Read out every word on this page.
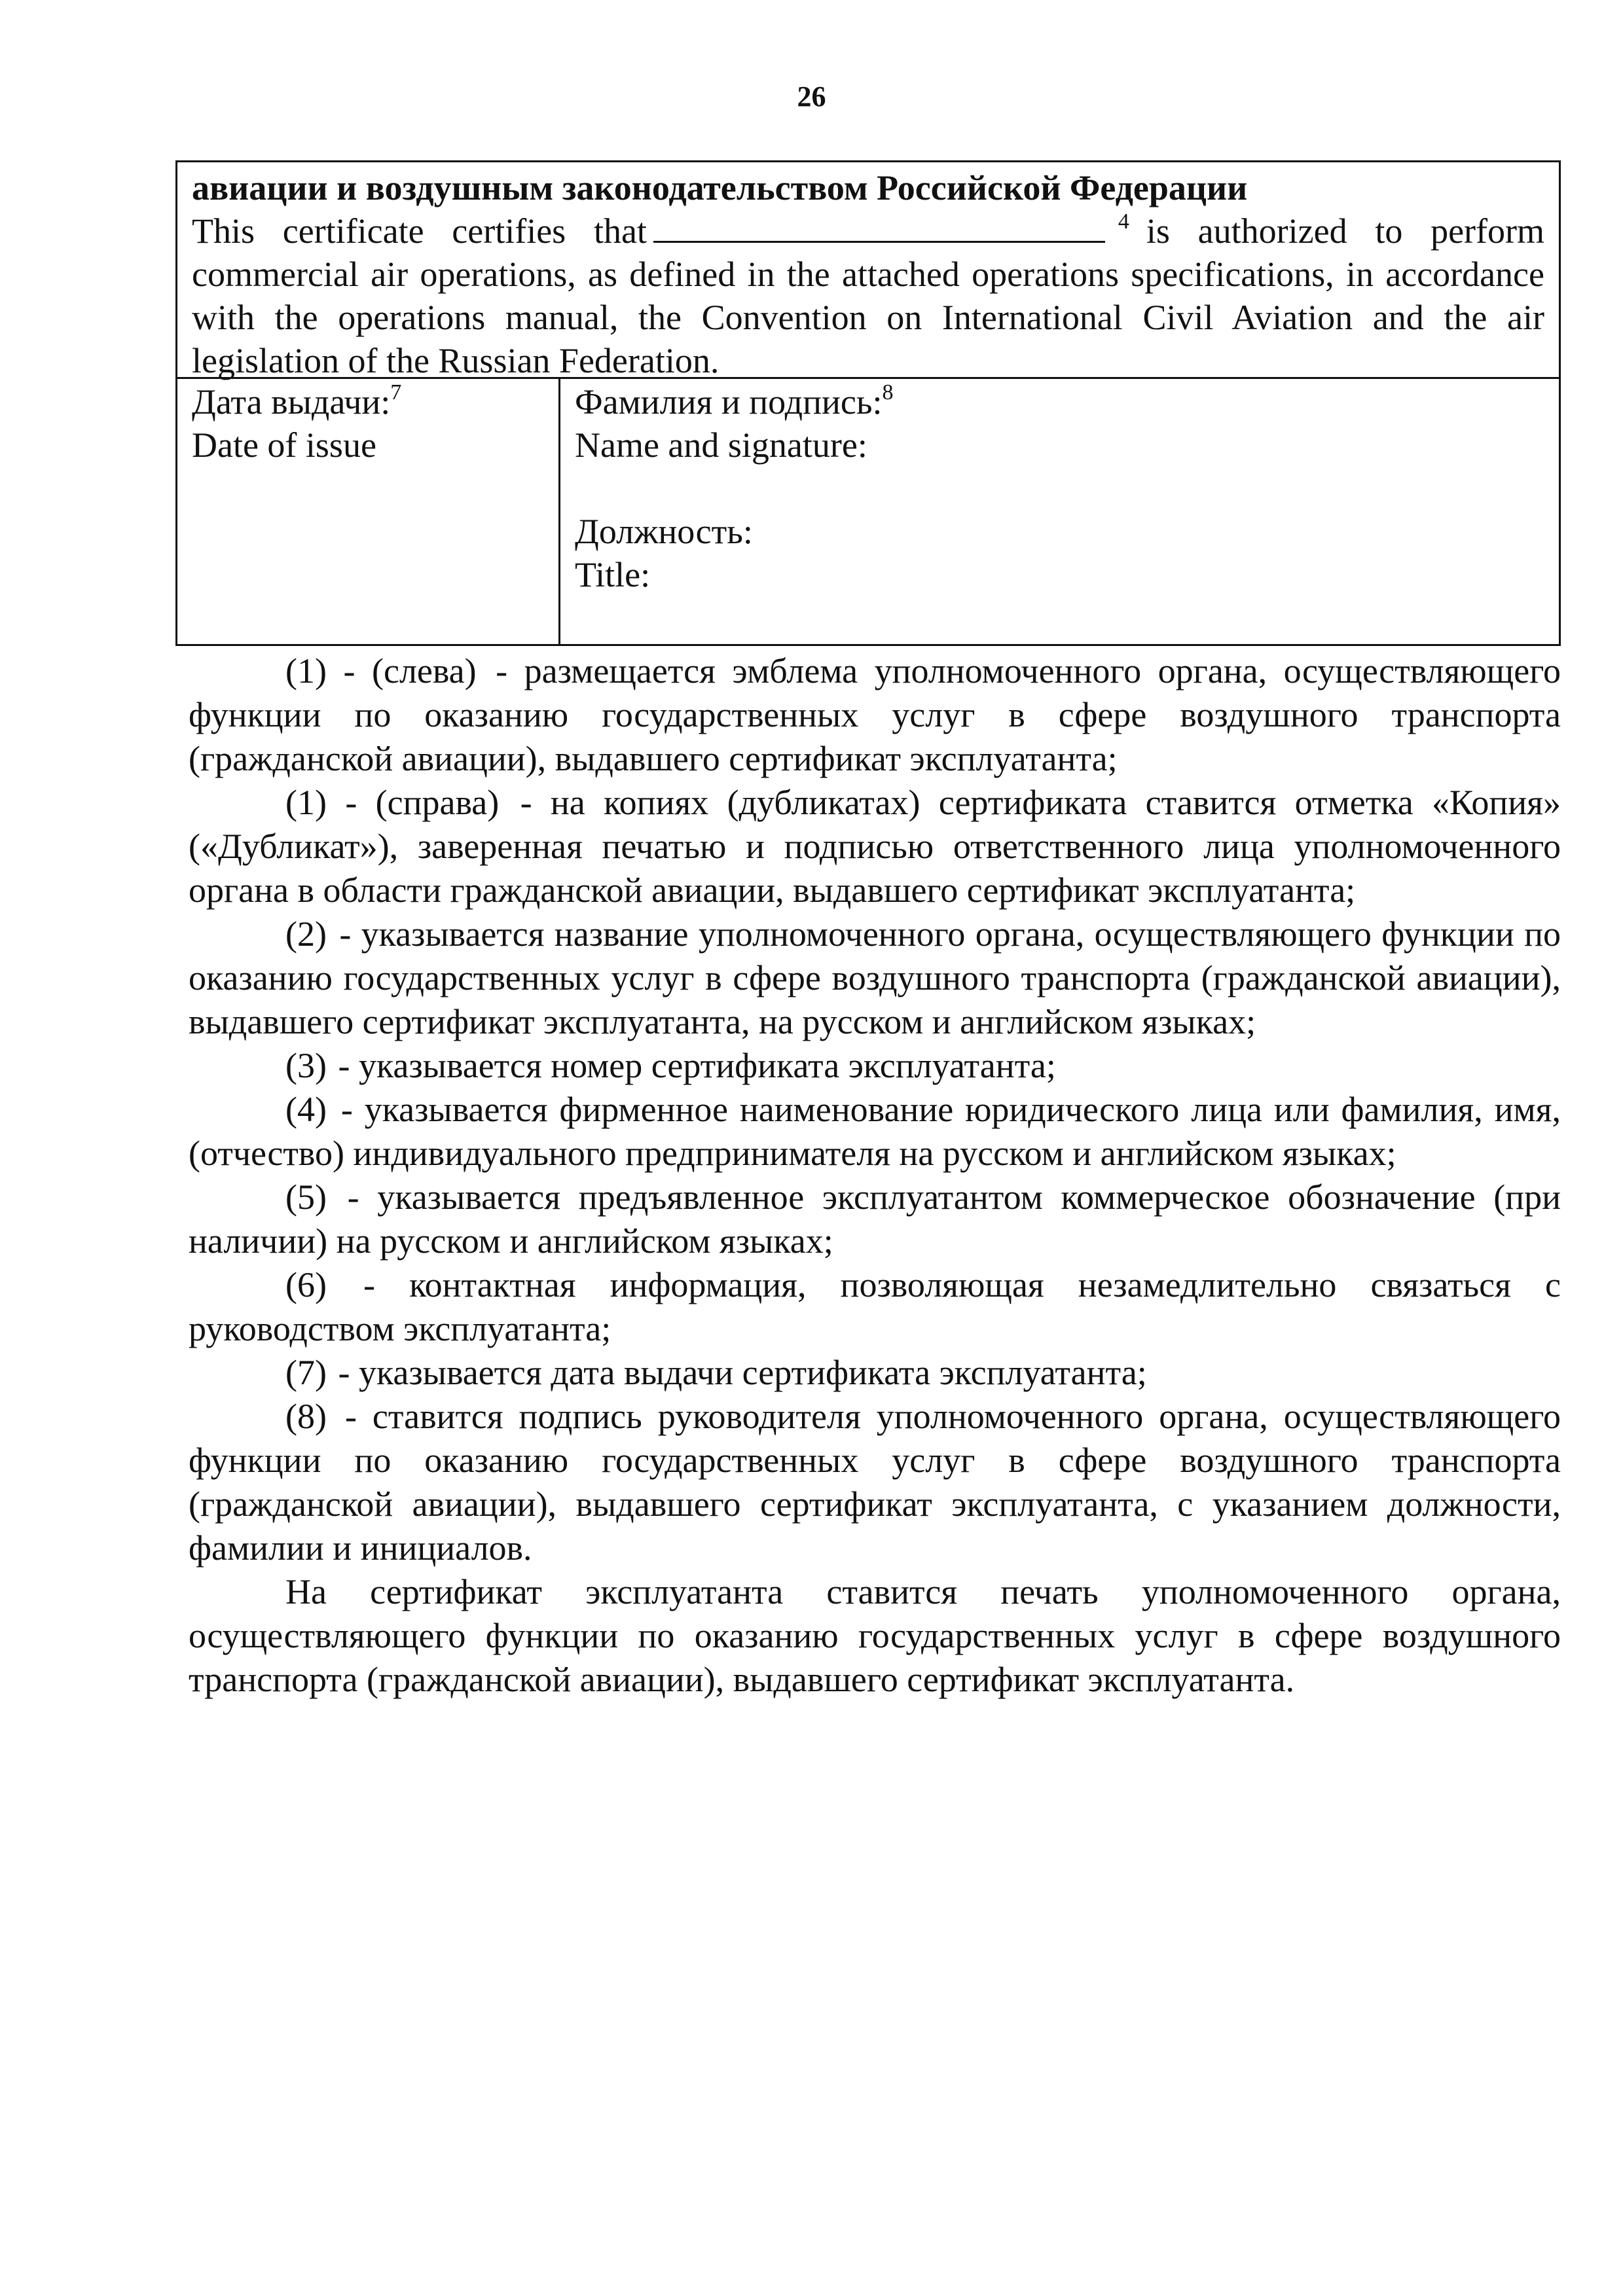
26
авиации и воздушным законодательством Российской Федерации
This certificate certifies that	$^4$ is authorized to perform commercial air operations, as defined in the attached operations specifications, in accordance with the operations manual, the Convention on International Civil Aviation and the air legislation of the Russian Federation.
Дата выдачи:$^7$
Date of issue
Фамилия и подпись:$^8$
Name and signature:
Должность:
Title:

(1) - (слева) - размещается эмблема уполномоченного органа, осуществляющего функции по оказанию государственных услуг в сфере воздушного транспорта (гражданской авиации), выдавшего сертификат эксплуатанта;

(1) - (справа) - на копиях (дубликатах) сертификата ставится отметка «Копия» («Дубликат»), заверенная печатью и подписью ответственного лица уполномоченного органа в области гражданской авиации, выдавшего сертификат эксплуатанта;

(2) - указывается название уполномоченного органа, осуществляющего функции по оказанию государственных услуг в сфере воздушного транспорта (гражданской авиации), выдавшего сертификат эксплуатанта, на русском и английском языках;

(3) - указывается номер сертификата эксплуатанта;

(4) - указывается фирменное наименование юридического лица или фамилия, имя, (отчество) индивидуального предпринимателя на русском и английском языках;

(5) - указывается предъявленное эксплуатантом коммерческое обозначение (при наличии) на русском и английском языках;

(6) - контактная информация, позволяющая незамедлительно связаться с руководством эксплуатанта;

(7) - указывается дата выдачи сертификата эксплуатанта;

(8) - ставится подпись руководителя уполномоченного органа, осуществляющего функции по оказанию государственных услуг в сфере воздушного транспорта (гражданской авиации), выдавшего сертификат эксплуатанта, с указанием должности, фамилии и инициалов.

На сертификат эксплуатанта ставится печать уполномоченного органа, осуществляющего функции по оказанию государственных услуг в сфере воздушного транспорта (гражданской авиации), выдавшего сертификат эксплуатанта.
